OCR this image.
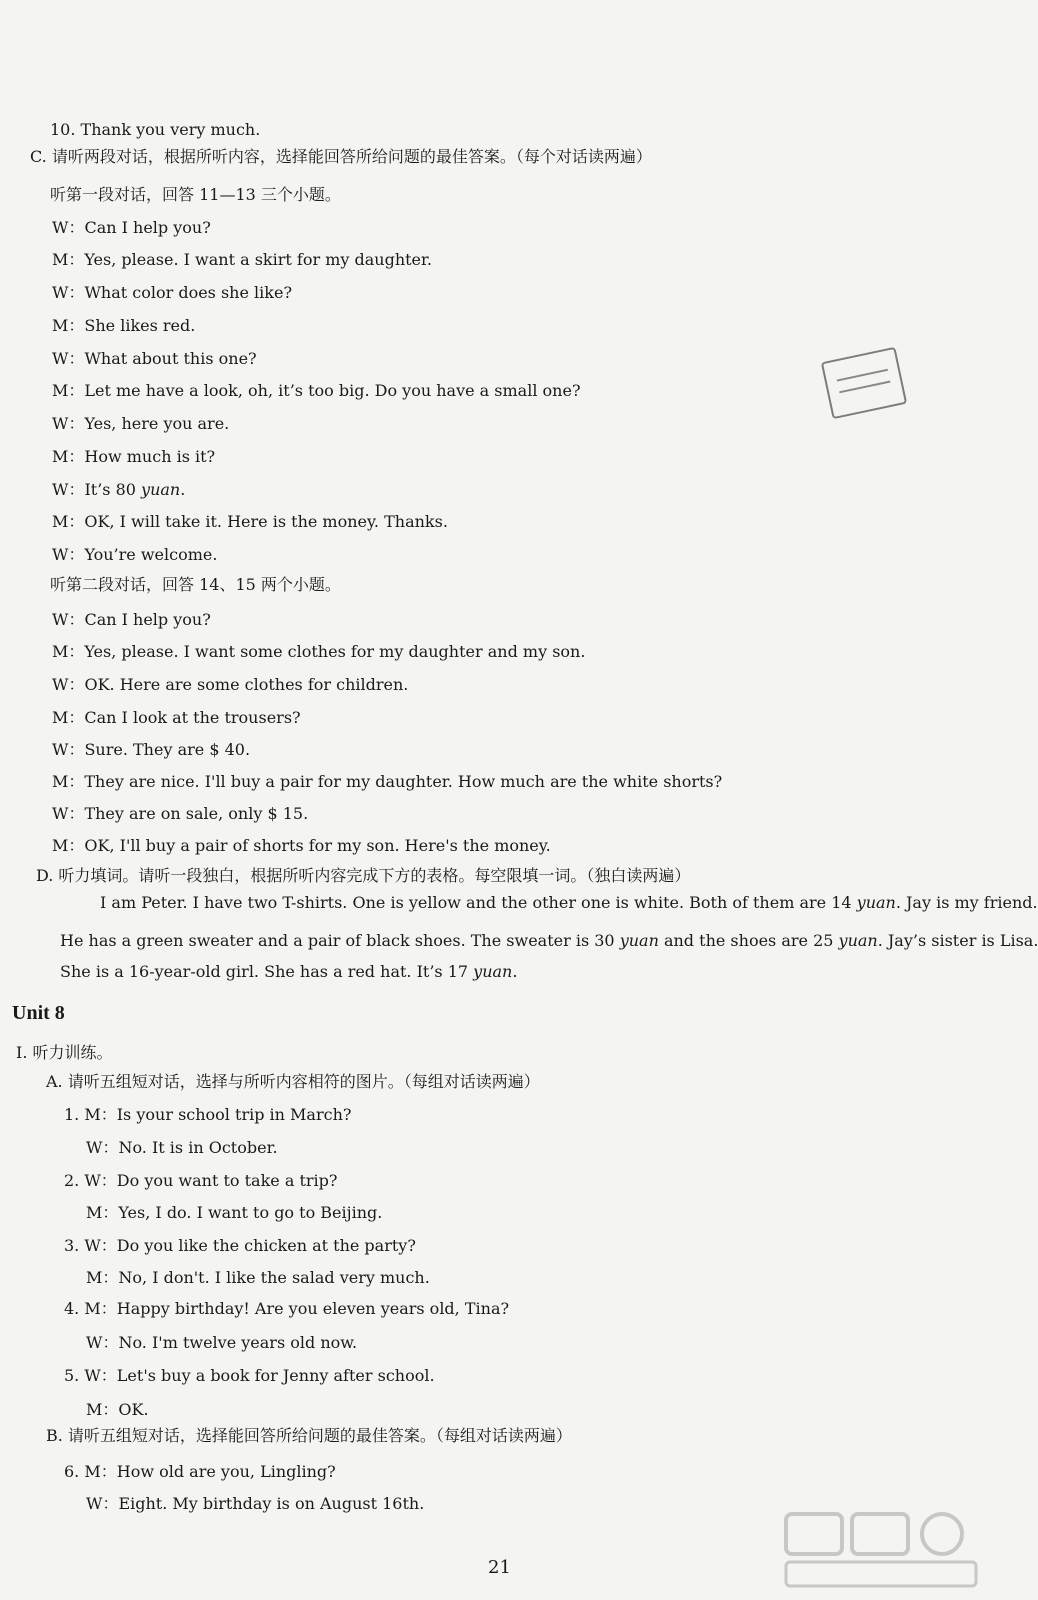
10. Thank you very much.
C. 请听两段对话，根据所听内容，选择能回答所给问题的最佳答案。（每个对话读两遍）
听第一段对话，回答 11—13 三个小题。
W：Can I help you?
M：Yes, please. I want a skirt for my daughter.
W：What color does she like?
M：She likes red.
W：What about this one?
M：Let me have a look, oh, it’s too big. Do you have a small one?
W：Yes, here you are.
M：How much is it?
W：It’s 80 yuan.
M：OK, I will take it. Here is the money. Thanks.
W：You’re welcome.
听第二段对话，回答 14、15 两个小题。
W：Can I help you?
M：Yes, please. I want some clothes for my daughter and my son.
W：OK. Here are some clothes for children.
M：Can I look at the trousers?
W：Sure. They are $ 40.
M：They are nice. I'll buy a pair for my daughter. How much are the white shorts?
W：They are on sale, only $ 15.
M：OK, I'll buy a pair of shorts for my son. Here's the money.
D. 听力填词。请听一段独白，根据所听内容完成下方的表格。每空限填一词。（独白读两遍）
I am Peter. I have two T-shirts. One is yellow and the other one is white. Both of them are 14 yuan. Jay is my friend.
He has a green sweater and a pair of black shoes. The sweater is 30 yuan and the shoes are 25 yuan. Jay’s sister is Lisa.
She is a 16-year-old girl. She has a red hat. It’s 17 yuan.
Unit 8
Ⅰ. 听力训练。
A. 请听五组短对话，选择与所听内容相符的图片。（每组对话读两遍）
1. M：Is your school trip in March?
W：No. It is in October.
2. W：Do you want to take a trip?
M：Yes, I do. I want to go to Beijing.
3. W：Do you like the chicken at the party?
M：No, I don't. I like the salad very much.
4. M：Happy birthday! Are you eleven years old, Tina?
W：No. I'm twelve years old now.
5. W：Let's buy a book for Jenny after school.
M：OK.
B. 请听五组短对话，选择能回答所给问题的最佳答案。（每组对话读两遍）
6. M：How old are you, Lingling?
W：Eight. My birthday is on August 16th.
21
